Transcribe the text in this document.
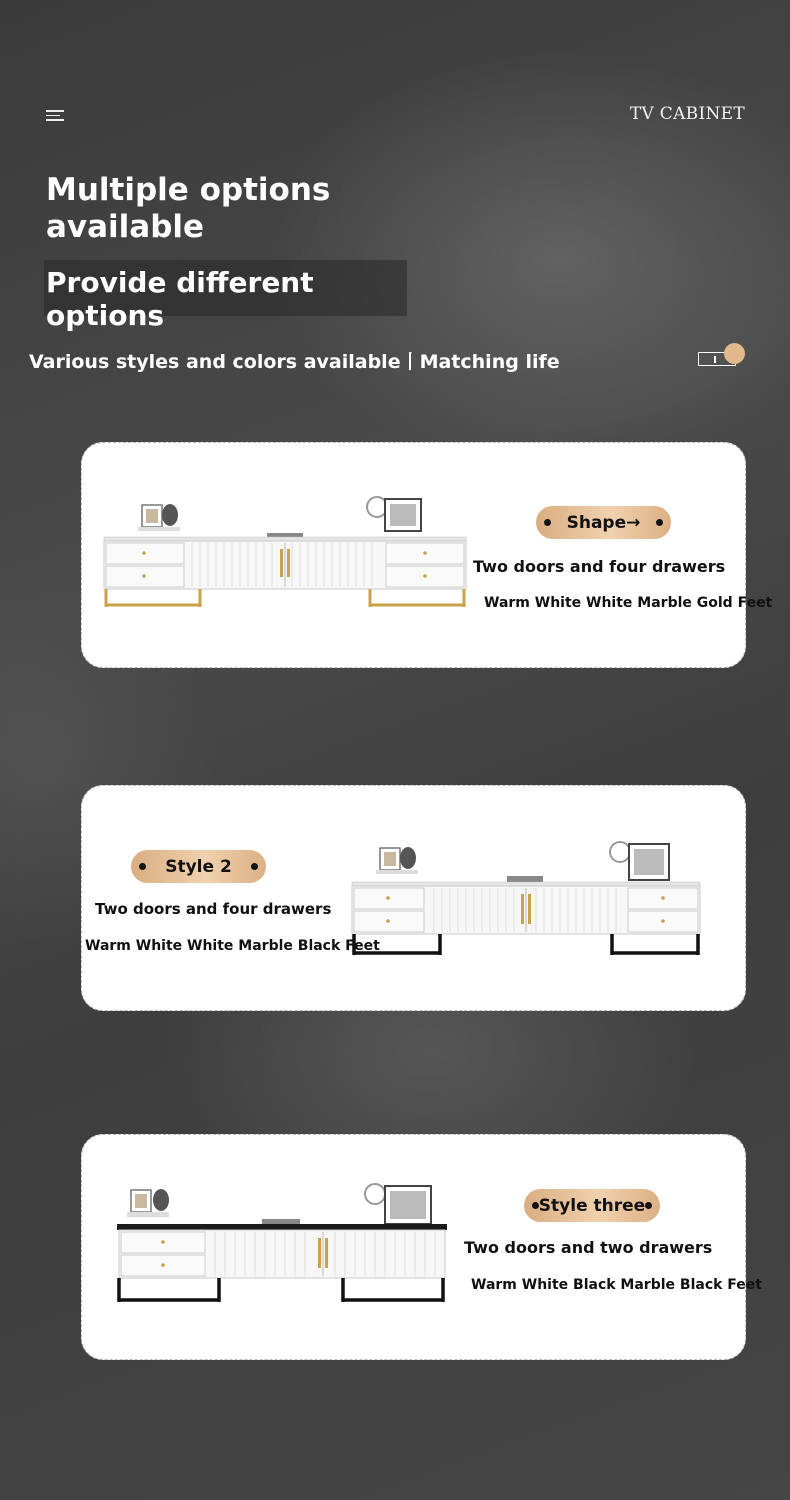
TV CABINET
Multiple options available
Provide different options
Various styles and colors available丨Matching life
Shape→
Two doors and four drawers
Warm White White Marble Gold Feet
Style 2
Two doors and four drawers
Warm White White Marble Black Feet
Style three
Two doors and two drawers
Warm White Black Marble Black Feet
